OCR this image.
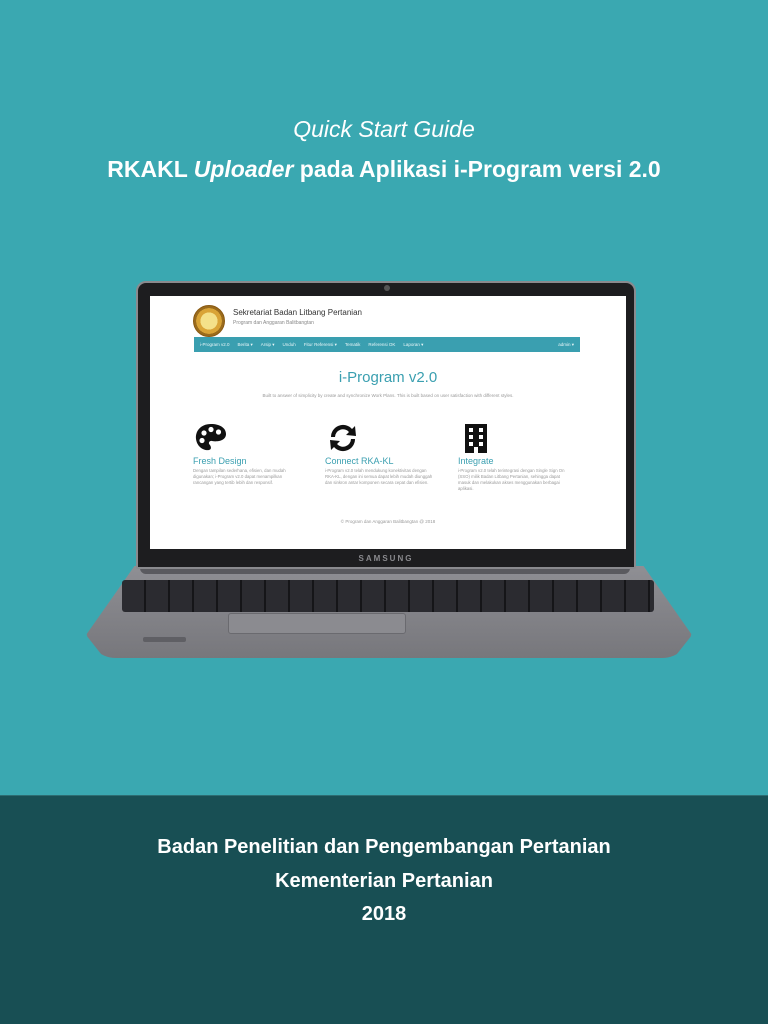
Quick Start Guide
RKAKL Uploader pada Aplikasi i-Program versi 2.0
Sekretariat Badan Litbang Pertanian
Program dan Anggaran Balitbangtan
i-Program v2.0 Berita ▾ Arsip ▾ Unduh Fitur Referensi ▾ Tematik Referensi OK Laporan ▾	admin ▾
i-Program v2.0
Built to answer of simplicity by create and synchronize Work Plans. This is built based on user satisfaction with different styles.
Fresh Design
Dengan tampilan sederhana, efisien, dan mudah digunakan; i-Program v2.0 dapat menampilkan rancangan yang tertib lebih dan responsif.
Connect RKA-KL
i-Program v2.0 telah mendukung konektivitas dengan RKA-KL, dengan ini semua dapat lebih mudah diunggah dan sinkron antar komponen secara cepat dan efisien.
Integrate
i-Program v2.0 telah terintegrasi dengan Single Sign On (SSO) milik Badan Litbang Pertanian, sehingga dapat masuk dan melakukan akses menggunakan berbagai aplikasi.
© Program dan Anggaran Balitbangtan @ 2018
SAMSUNG
Badan Penelitian dan Pengembangan Pertanian
Kementerian Pertanian
2018
